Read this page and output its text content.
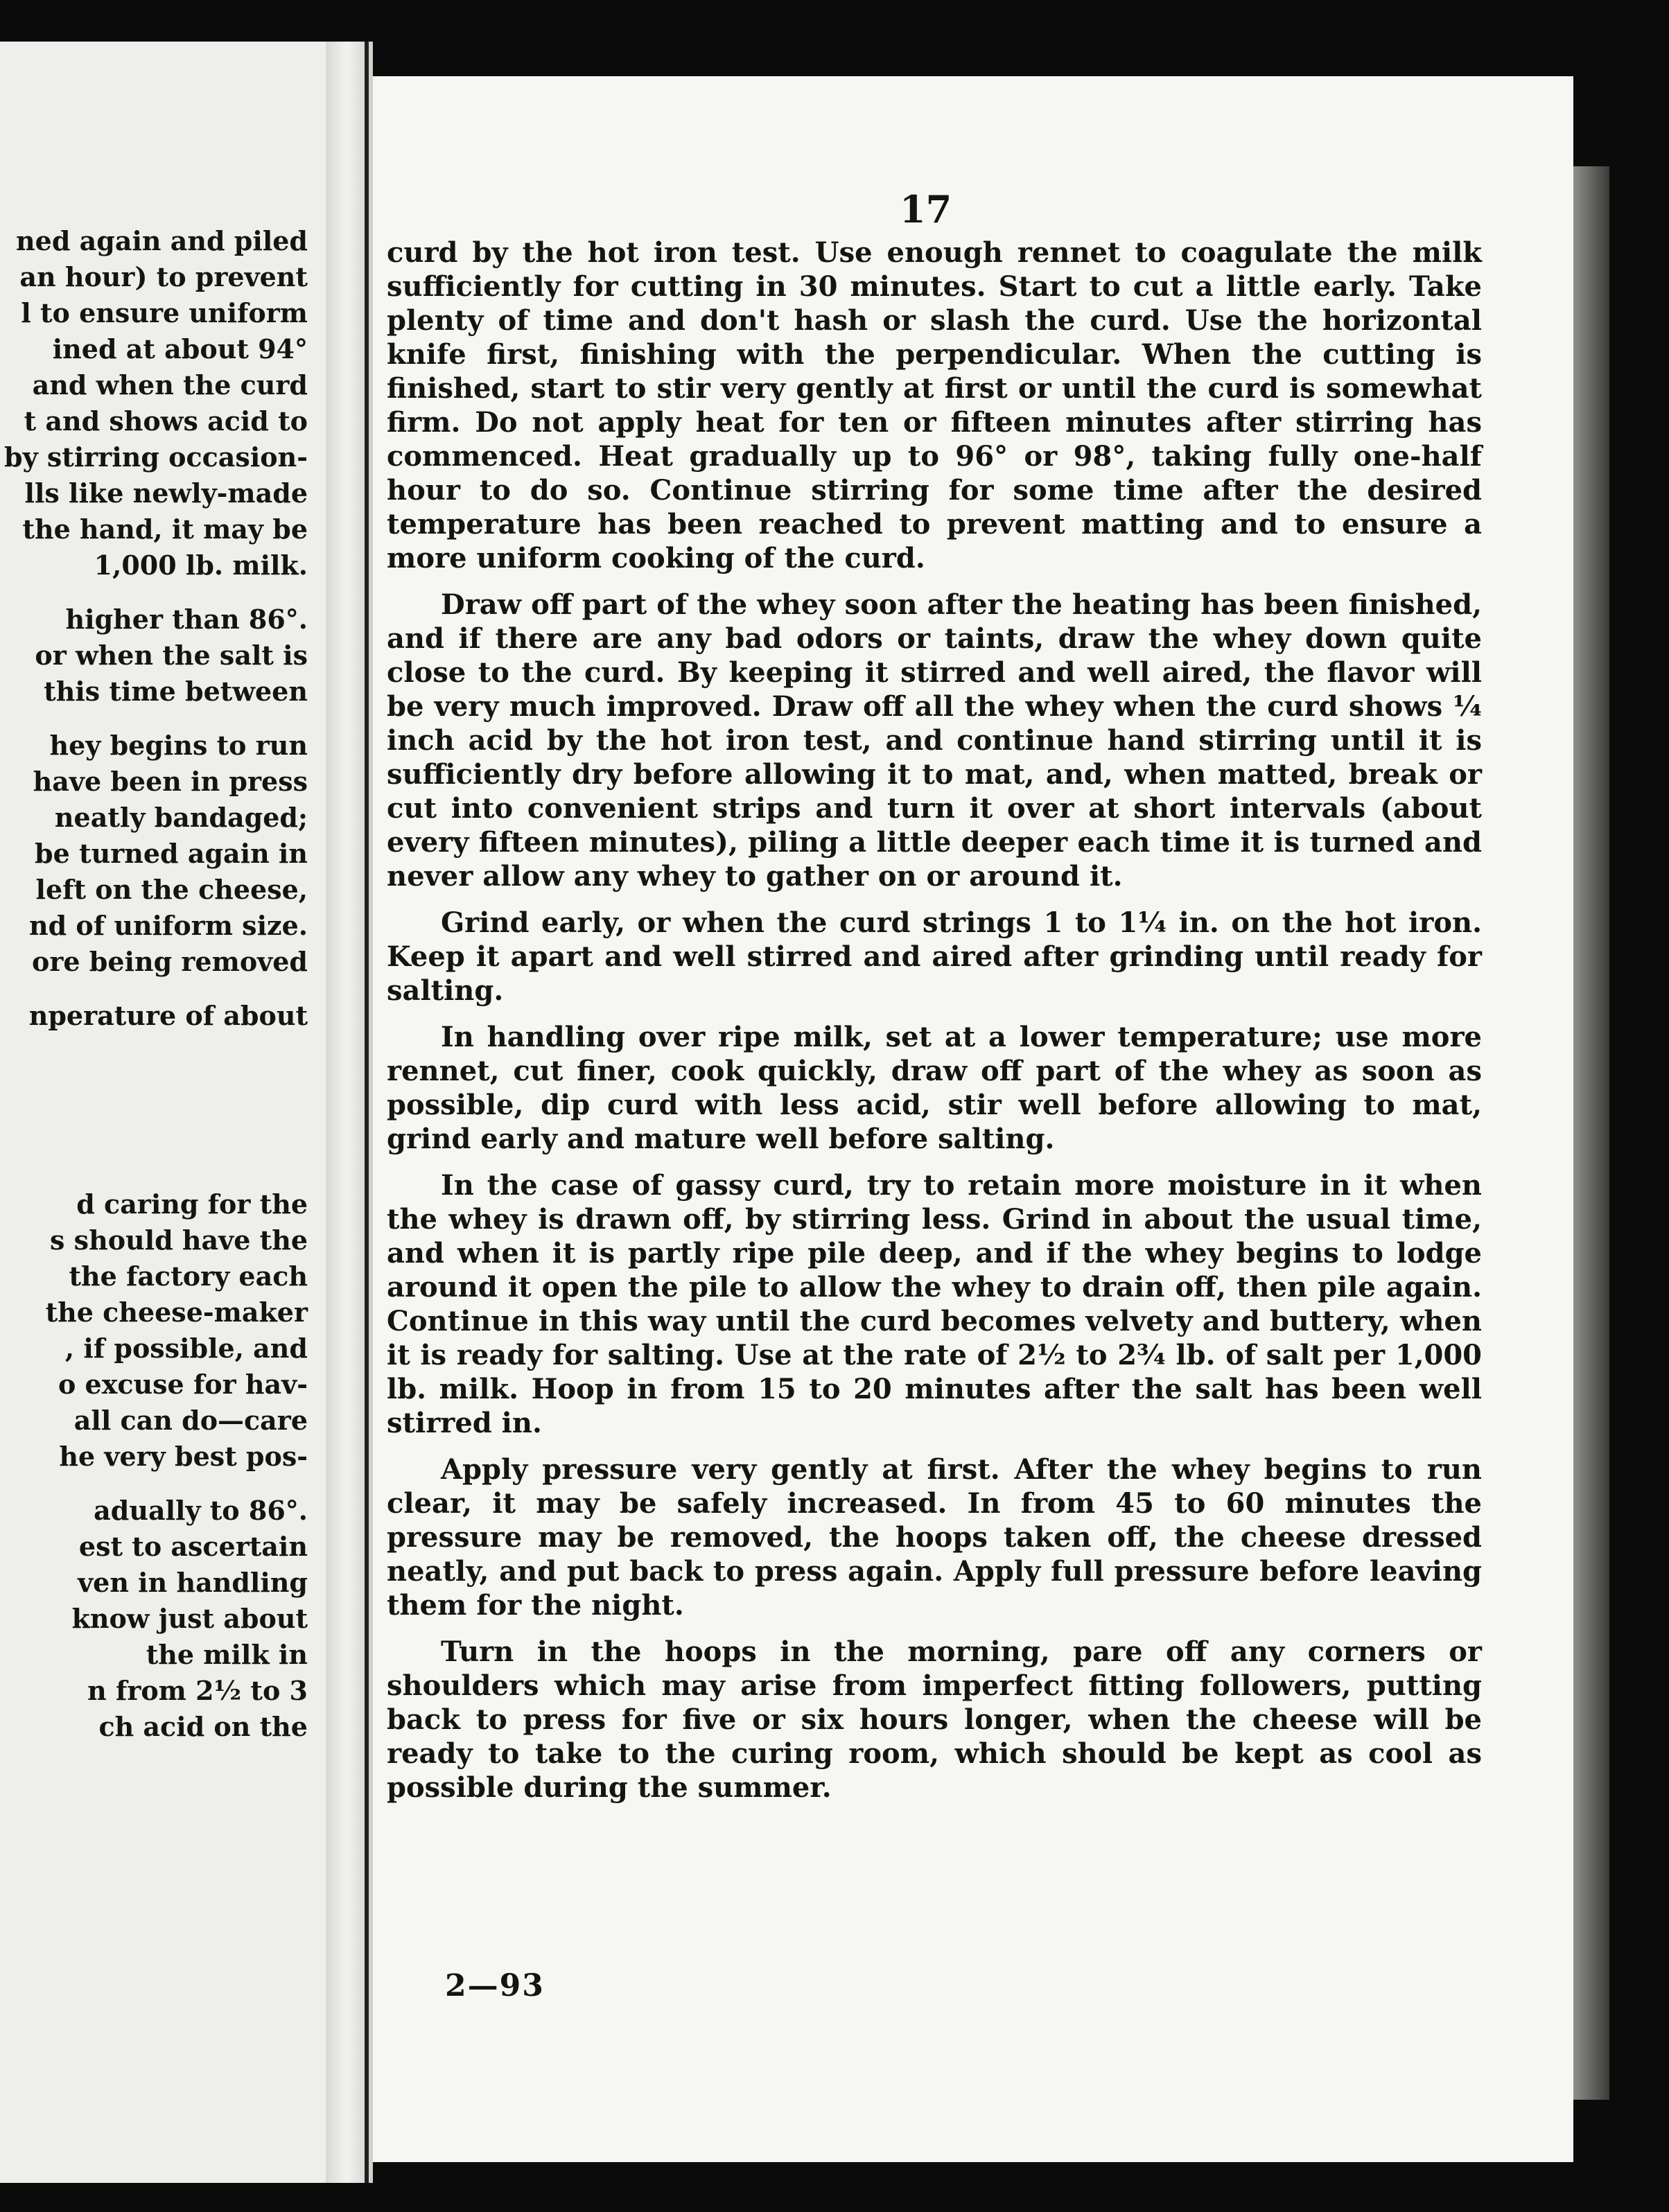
ned again and piled
an hour) to prevent
l to ensure uniform
ined at about 94°
and when the curd
t and shows acid to
by stirring occasion-
lls like newly-made
the hand, it may be
1,000 lb. milk.
higher than 86°.
or when the salt is
this time between
hey begins to run
have been in press
neatly bandaged;
be turned again in
left on the cheese,
nd of uniform size.
ore being removed
nperature of about
d caring for the
s should have the
the factory each
the cheese-maker
, if possible, and
o excuse for hav-
all can do—care
he very best pos-
adually to 86°.
est to ascertain
ven in handling
know just about
the milk in
n from 2½ to 3
ch acid on the
17

curd by the hot iron test. Use enough rennet to coagulate the milk sufficiently for cutting in 30 minutes. Start to cut a little early. Take plenty of time and don't hash or slash the curd. Use the horizontal knife first, finishing with the perpendicular. When the cutting is finished, start to stir very gently at first or until the curd is somewhat firm. Do not apply heat for ten or fifteen minutes after stirring has commenced. Heat gradually up to 96° or 98°, taking fully one-half hour to do so. Continue stirring for some time after the desired temperature has been reached to prevent matting and to ensure a more uniform cooking of the curd.

Draw off part of the whey soon after the heating has been finished, and if there are any bad odors or taints, draw the whey down quite close to the curd. By keeping it stirred and well aired, the flavor will be very much improved. Draw off all the whey when the curd shows ¼ inch acid by the hot iron test, and continue hand stirring until it is sufficiently dry before allowing it to mat, and, when matted, break or cut into convenient strips and turn it over at short intervals (about every fifteen minutes), piling a little deeper each time it is turned and never allow any whey to gather on or around it.

Grind early, or when the curd strings 1 to 1¼ in. on the hot iron. Keep it apart and well stirred and aired after grinding until ready for salting.

In handling over ripe milk, set at a lower temperature; use more rennet, cut finer, cook quickly, draw off part of the whey as soon as possible, dip curd with less acid, stir well before allowing to mat, grind early and mature well before salting.

In the case of gassy curd, try to retain more moisture in it when the whey is drawn off, by stirring less. Grind in about the usual time, and when it is partly ripe pile deep, and if the whey begins to lodge around it open the pile to allow the whey to drain off, then pile again. Continue in this way until the curd becomes velvety and buttery, when it is ready for salting. Use at the rate of 2½ to 2¾ lb. of salt per 1,000 lb. milk. Hoop in from 15 to 20 minutes after the salt has been well stirred in.

Apply pressure very gently at first. After the whey begins to run clear, it may be safely increased. In from 45 to 60 minutes the pressure may be removed, the hoops taken off, the cheese dressed neatly, and put back to press again. Apply full pressure before leaving them for the night.

Turn in the hoops in the morning, pare off any corners or shoulders which may arise from imperfect fitting followers, putting back to press for five or six hours longer, when the cheese will be ready to take to the curing room, which should be kept as cool as possible during the summer.

2—93
